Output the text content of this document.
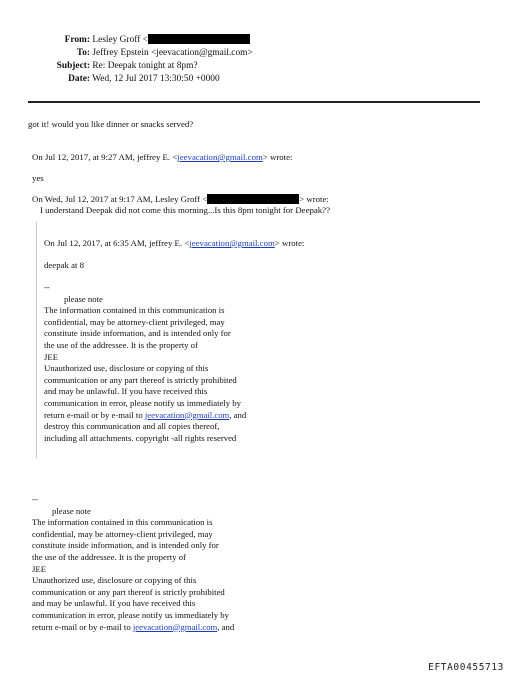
From: Lesley Groff <
To: Jeffrey Epstein <jeevacation@gmail.com>
Subject: Re: Deepak tonight at 8pm?
Date: Wed, 12 Jul 2017 13:30:50 +0000
got it! would you like dinner or snacks served?
On Jul 12, 2017, at 9:27 AM, jeffrey E. <jeevacation@gmail.com> wrote:
yes
On Wed, Jul 12, 2017 at 9:17 AM, Lesley Groff <	> wrote:
I understand Deepak did not come this morning...Is this 8pm tonight for Deepak??
On Jul 12, 2017, at 6:35 AM, jeffrey E. <jeevacation@gmail.com> wrote:
deepak at 8
--
please note
The information contained in this communication is
confidential, may be attorney-client privileged, may
constitute inside information, and is intended only for
the use of the addressee. It is the property of
JEE
Unauthorized use, disclosure or copying of this
communication or any part thereof is strictly prohibited
and may be unlawful. If you have received this
communication in error, please notify us immediately by
return e-mail or by e-mail to jeevacation@gmail.com, and
destroy this communication and all copies thereof,
including all attachments. copyright -all rights reserved
--
please note
The information contained in this communication is
confidential, may be attorney-client privileged, may
constitute inside information, and is intended only for
the use of the addressee. It is the property of
JEE
Unauthorized use, disclosure or copying of this
communication or any part thereof is strictly prohibited
and may be unlawful. If you have received this
communication in error, please notify us immediately by
return e-mail or by e-mail to jeevacation@gmail.com, and
EFTA00455713
